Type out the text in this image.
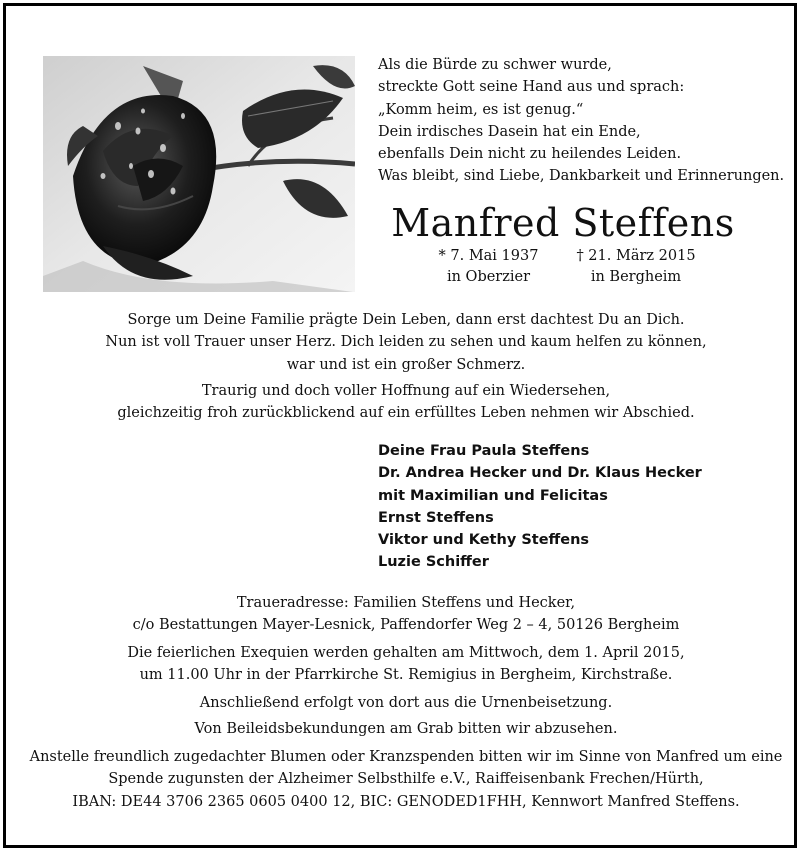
Als die Bürde zu schwer wurde,
streckte Gott seine Hand aus und sprach:
„Komm heim, es ist genug.“
Dein irdisches Dasein hat ein Ende,
ebenfalls Dein nicht zu heilendes Leiden.
Was bleibt, sind Liebe, Dankbarkeit und Erinnerungen.
Manfred Steffens
* 7. Mai 1937
in Oberzier
† 21. März 2015
in Bergheim
Sorge um Deine Familie prägte Dein Leben, dann erst dachtest Du an Dich.
Nun ist voll Trauer unser Herz. Dich leiden zu sehen und kaum helfen zu können,
war und ist ein großer Schmerz.
Traurig und doch voller Hoffnung auf ein Wiedersehen,
gleichzeitig froh zurückblickend auf ein erfülltes Leben nehmen wir Abschied.
Deine Frau Paula Steffens
Dr. Andrea Hecker und Dr. Klaus Hecker
mit Maximilian und Felicitas
Ernst Steffens
Viktor und Kethy Steffens
Luzie Schiffer
Traueradresse: Familien Steffens und Hecker,
c/o Bestattungen Mayer-Lesnick, Paffendorfer Weg 2 – 4, 50126 Bergheim
Die feierlichen Exequien werden gehalten am Mittwoch, dem 1. April 2015,
um 11.00 Uhr in der Pfarrkirche St. Remigius in Bergheim, Kirchstraße.
Anschließend erfolgt von dort aus die Urnenbeisetzung.
Von Beileidsbekundungen am Grab bitten wir abzusehen.
Anstelle freundlich zugedachter Blumen oder Kranzspenden bitten wir im Sinne von Manfred um eine
Spende zugunsten der Alzheimer Selbsthilfe e.V., Raiffeisenbank Frechen/Hürth,
IBAN: DE44 3706 2365 0605 0400 12, BIC: GENODED1FHH, Kennwort Manfred Steffens.
